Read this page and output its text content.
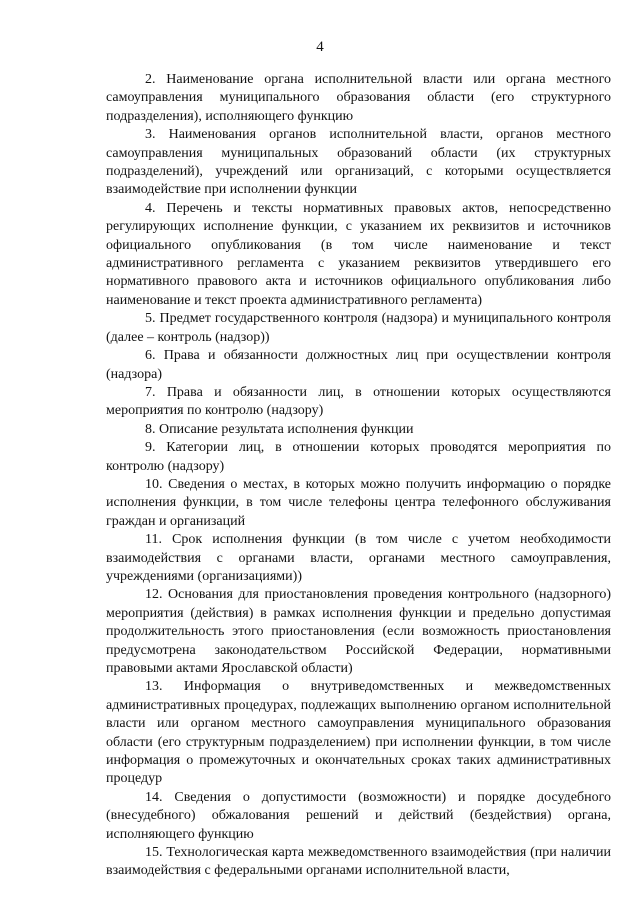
4

2. Наименование органа исполнительной власти или органа местного самоуправления муниципального образования области (его структурного подразделения), исполняющего функцию

3. Наименования органов исполнительной власти, органов местного самоуправления муниципальных образований области (их структурных подразделений), учреждений или организаций, с которыми осуществляется взаимодействие при исполнении функции

4. Перечень и тексты нормативных правовых актов, непосредственно регулирующих исполнение функции, с указанием их реквизитов и источников официального опубликования (в том числе наименование и текст административного регламента с указанием реквизитов утвердившего его нормативного правового акта и источников официального опубликования либо наименование и текст проекта административного регламента)

5. Предмет государственного контроля (надзора) и муниципального контроля (далее – контроль (надзор))

6. Права и обязанности должностных лиц при осуществлении контроля (надзора)

7. Права и обязанности лиц, в отношении которых осуществляются мероприятия по контролю (надзору)

8. Описание результата исполнения функции

9. Категории лиц, в отношении которых проводятся мероприятия по контролю (надзору)

10. Сведения о местах, в которых можно получить информацию о порядке исполнения функции, в том числе телефоны центра телефонного обслуживания граждан и организаций

11. Срок исполнения функции (в том числе с учетом необходимости взаимодействия с органами власти, органами местного самоуправления, учреждениями (организациями))

12. Основания для приостановления проведения контрольного (надзорного) мероприятия (действия) в рамках исполнения функции и предельно допустимая продолжительность этого приостановления (если возможность приостановления предусмотрена законодательством Российской Федерации, нормативными правовыми актами Ярославской области)

13. Информация о внутриведомственных и межведомственных административных процедурах, подлежащих выполнению органом исполнительной власти или органом местного самоуправления муниципального образования области (его структурным подразделением) при исполнении функции, в том числе информация о промежуточных и окончательных сроках таких административных процедур

14. Сведения о допустимости (возможности) и порядке досудебного (внесудебного) обжалования решений и действий (бездействия) органа, исполняющего функцию

15. Технологическая карта межведомственного взаимодействия (при наличии взаимодействия с федеральными органами исполнительной власти,
